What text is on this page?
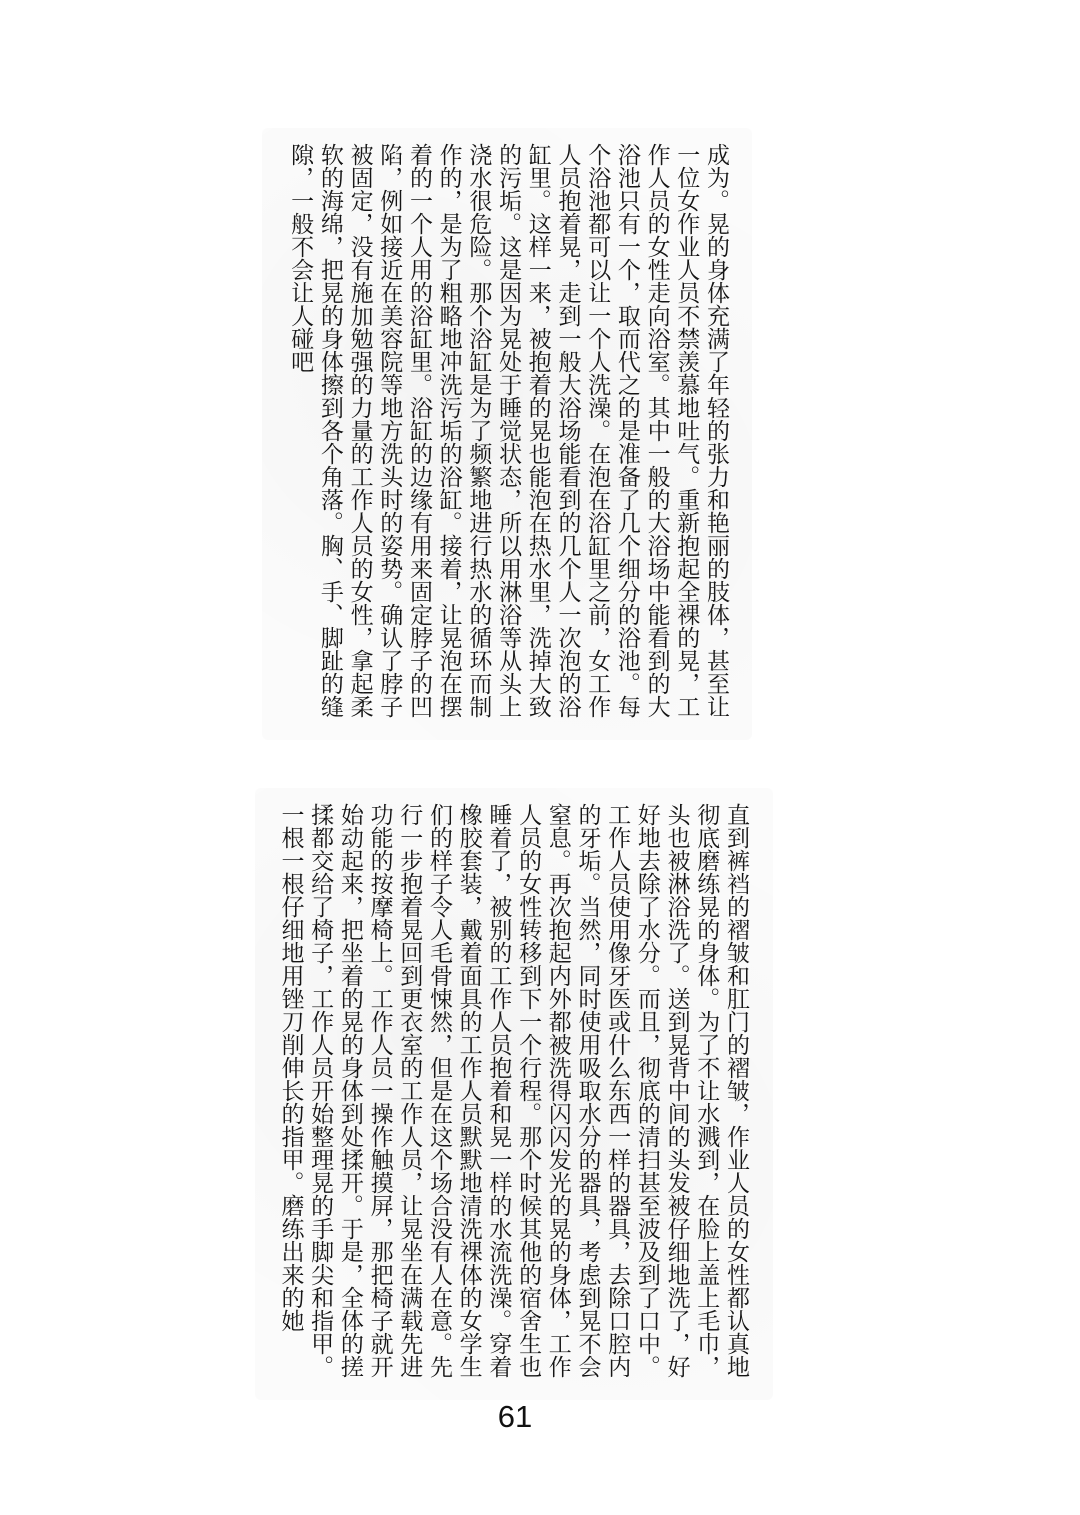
成为。晃的身体充满了年轻的张力和艳丽的肢体，甚至让
一位女作业人员不禁羡慕地吐气。重新抱起全裸的晃，工
作人员的女性走向浴室。其中一般的大浴场中能看到的大
浴池只有一个，取而代之的是准备了几个细分的浴池。每
个浴池都可以让一个人洗澡。在泡在浴缸里之前，女工作
人员抱着晃，走到一般大浴场能看到的几个人一次泡的浴
缸里。这样一来，被抱着的晃也能泡在热水里，洗掉大致
的污垢。这是因为晃处于睡觉状态，所以用淋浴等从头上
浇水很危险。那个浴缸是为了频繁地进行热水的循环而制
作的，是为了粗略地冲洗污垢的浴缸。接着，让晃泡在摆
着的一个人用的浴缸里。浴缸的边缘有用来固定脖子的凹
陷，例如接近在美容院等地方洗头时的姿势。确认了脖子
被固定，没有施加勉强的力量的工作人员的女性，拿起柔
软的海绵，把晃的身体擦到各个角落。胸、手、脚趾的缝
隙，一般不会让人碰吧
直到裤裆的褶皱和肛门的褶皱，作业人员的女性都认真地
彻底磨练晃的身体。为了不让水溅到，在脸上盖上毛巾，
头也被淋浴洗了。送到晃背中间的头发被仔细地洗了，好
好地去除了水分。而且，彻底的清扫甚至波及到了口中。
工作人员使用像牙医或什么东西一样的器具，去除口腔内
的牙垢。当然，同时使用吸取水分的器具，考虑到晃不会
窒息。再次抱起内外都被洗得闪闪发光的晃的身体，工作
人员的女性转移到下一个行程。那个时候其他的宿舍生也
睡着了，被别的工作人员抱着和晃一样的水流洗澡。穿着
橡胶套装，戴着面具的工作人员默默地清洗裸体的女学生
们的样子令人毛骨悚然，但是在这个场合没有人在意。先
行一步抱着晃回到更衣室的工作人员，让晃坐在满载先进
功能的按摩椅上。工作人员一操作触摸屏，那把椅子就开
始动起来，把坐着的晃的身体到处揉开。于是，全体的搓
揉都交给了椅子，工作人员开始整理晃的手脚尖和指甲。
一根一根仔细地用锉刀削伸长的指甲。磨练出来的她
61
